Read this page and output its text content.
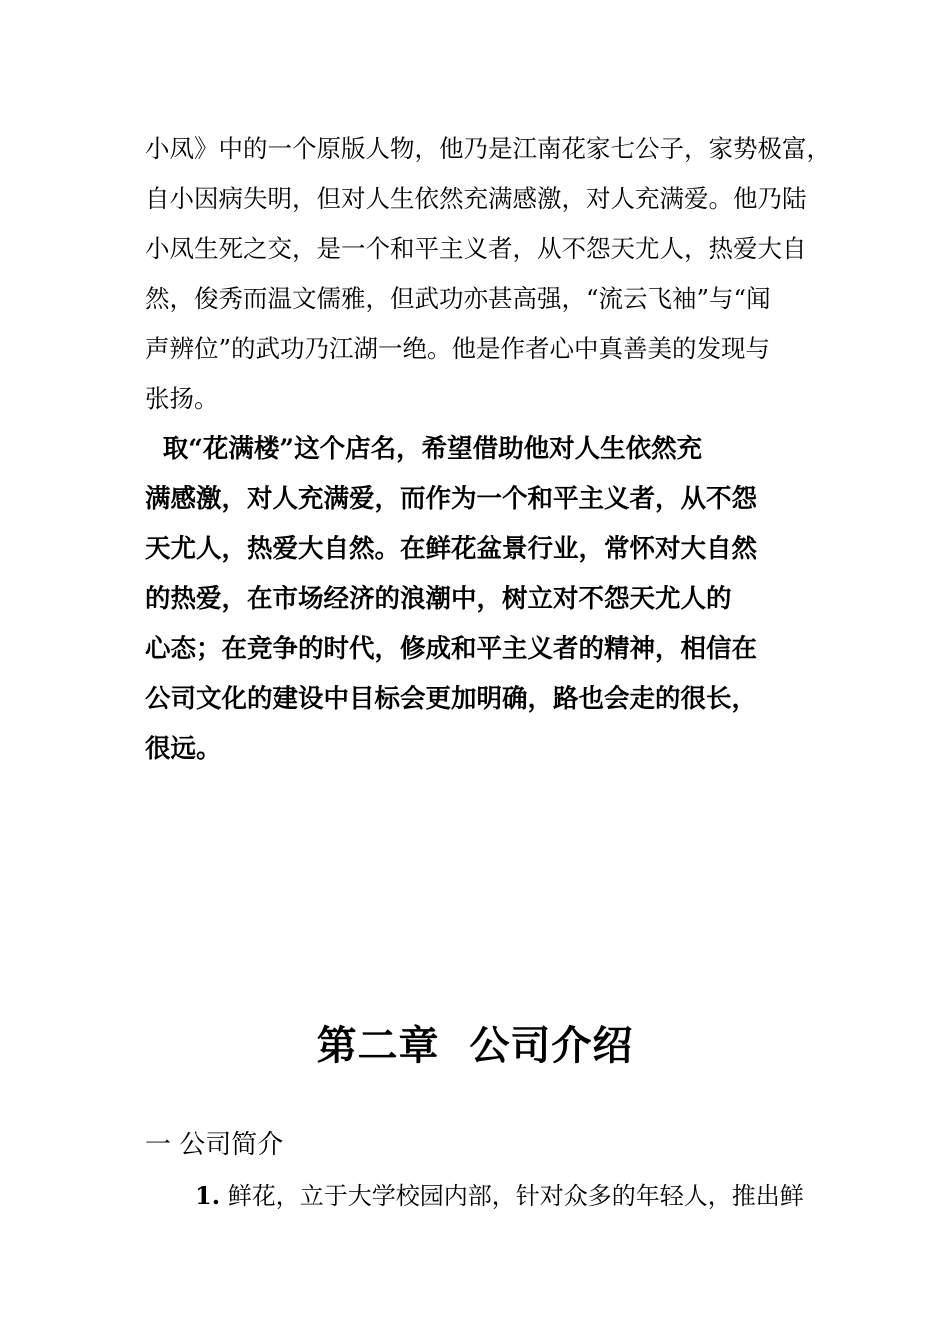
小凤》中的一个原版人物，他乃是江南花家七公子，家势极富，
自小因病失明，但对人生依然充满感激，对人充满爱。他乃陆
小凤生死之交，是一个和平主义者，从不怨天尤人，热爱大自
然，俊秀而温文儒雅，但武功亦甚高强，“流云飞袖”与“闻
声辨位”的武功乃江湖一绝。他是作者心中真善美的发现与
张扬。
取“花满楼”这个店名，希望借助他对人生依然充
满感激，对人充满爱，而作为一个和平主义者，从不怨
天尤人，热爱大自然。在鲜花盆景行业，常怀对大自然
的热爱，在市场经济的浪潮中，树立对不怨天尤人的
心态；在竞争的时代，修成和平主义者的精神，相信在
公司文化的建设中目标会更加明确，路也会走的很长，
很远。
第二章  公司介绍
一 公司简介
1. 鲜花，立于大学校园内部，针对众多的年轻人，推出鲜
